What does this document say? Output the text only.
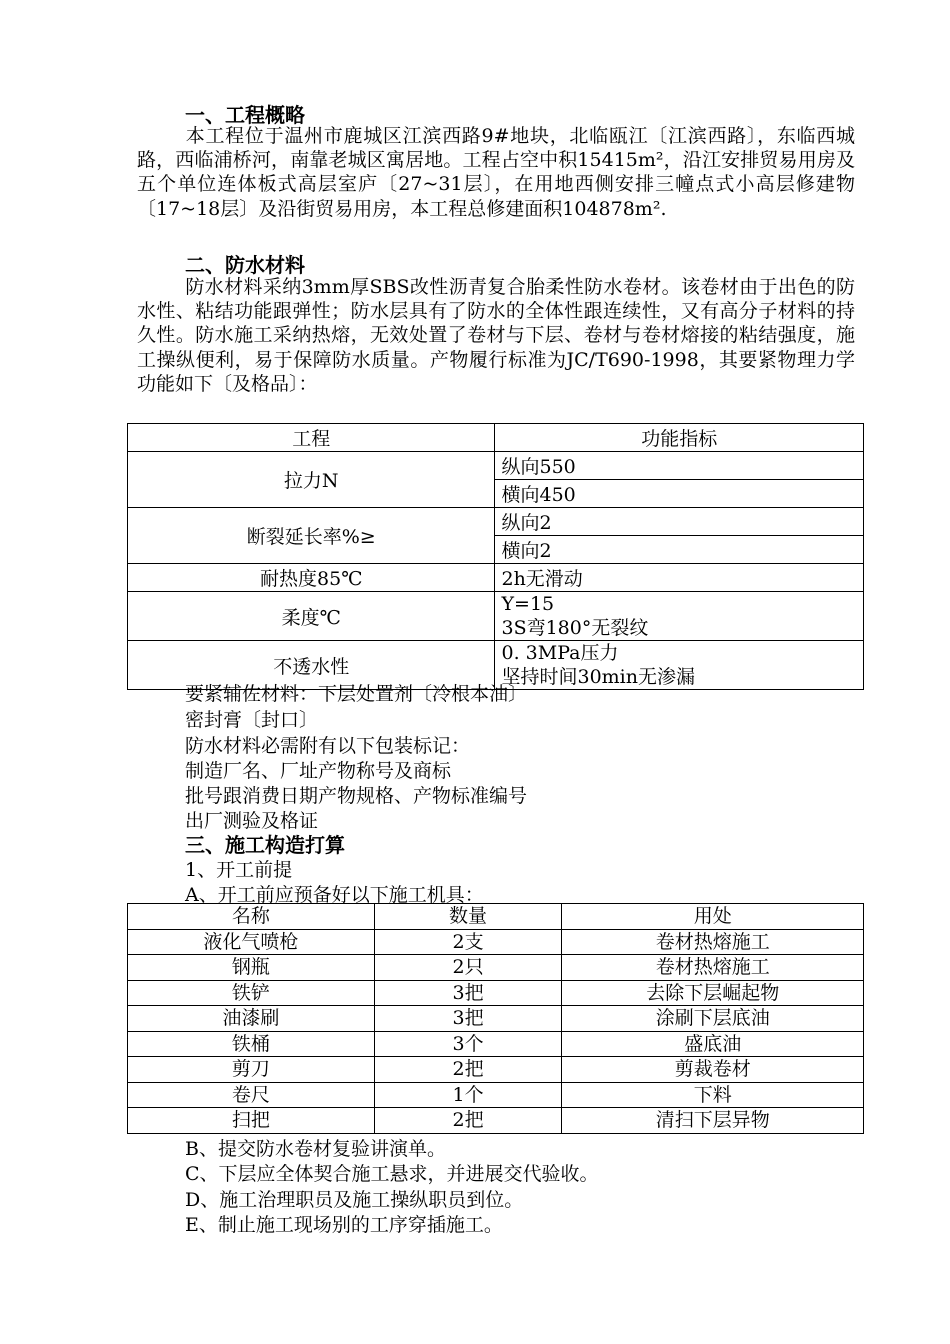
一、工程概略
本工程位于温州市鹿城区江滨西路9#地块，北临瓯江〔江滨西路〕，东临西城路，西临浦桥河，南靠老城区寓居地。工程占空中积15415m²，沿江安排贸易用房及五个单位连体板式高层室庐〔27~31层〕，在用地西侧安排三幢点式小高层修建物〔17~18层〕及沿街贸易用房，本工程总修建面积104878m².
二、防水材料
防水材料采纳3mm厚SBS改性沥青复合胎柔性防水卷材。该卷材由于出色的防水性、粘结功能跟弹性；防水层具有了防水的全体性跟连续性，又有高分子材料的持久性。防水施工采纳热熔，无效处置了卷材与下层、卷材与卷材熔接的粘结强度，施工操纵便利，易于保障防水质量。产物履行标准为JC/T690-1998，其要紧物理力学功能如下〔及格品〕：
工程	功能指标
拉力N	纵向550
	横向450
断裂延长率%≥	纵向2
	横向2
耐热度85℃	2h无滑动
柔度℃	Y=15
3S弯180°无裂纹
不透水性	0. 3MPa压力
坚持时间30min无渗漏
要紧辅佐材料：下层处置剂〔冷根本油〕
密封膏〔封口〕
防水材料必需附有以下包装标记：
制造厂名、厂址产物称号及商标
批号跟消费日期产物规格、产物标准编号
出厂测验及格证
三、施工构造打算
1、开工前提
A、开工前应预备好以下施工机具：
名称	数量	用处
液化气喷枪	2支	卷材热熔施工
钢瓶	2只	卷材热熔施工
铁铲	3把	去除下层崛起物
油漆刷	3把	涂刷下层底油
铁桶	3个	盛底油
剪刀	2把	剪裁卷材
卷尺	1个	下料
扫把	2把	清扫下层异物
B、提交防水卷材复验讲演单。
C、下层应全体契合施工悬求，并进展交代验收。
D、施工治理职员及施工操纵职员到位。
E、制止施工现场别的工序穿插施工。
